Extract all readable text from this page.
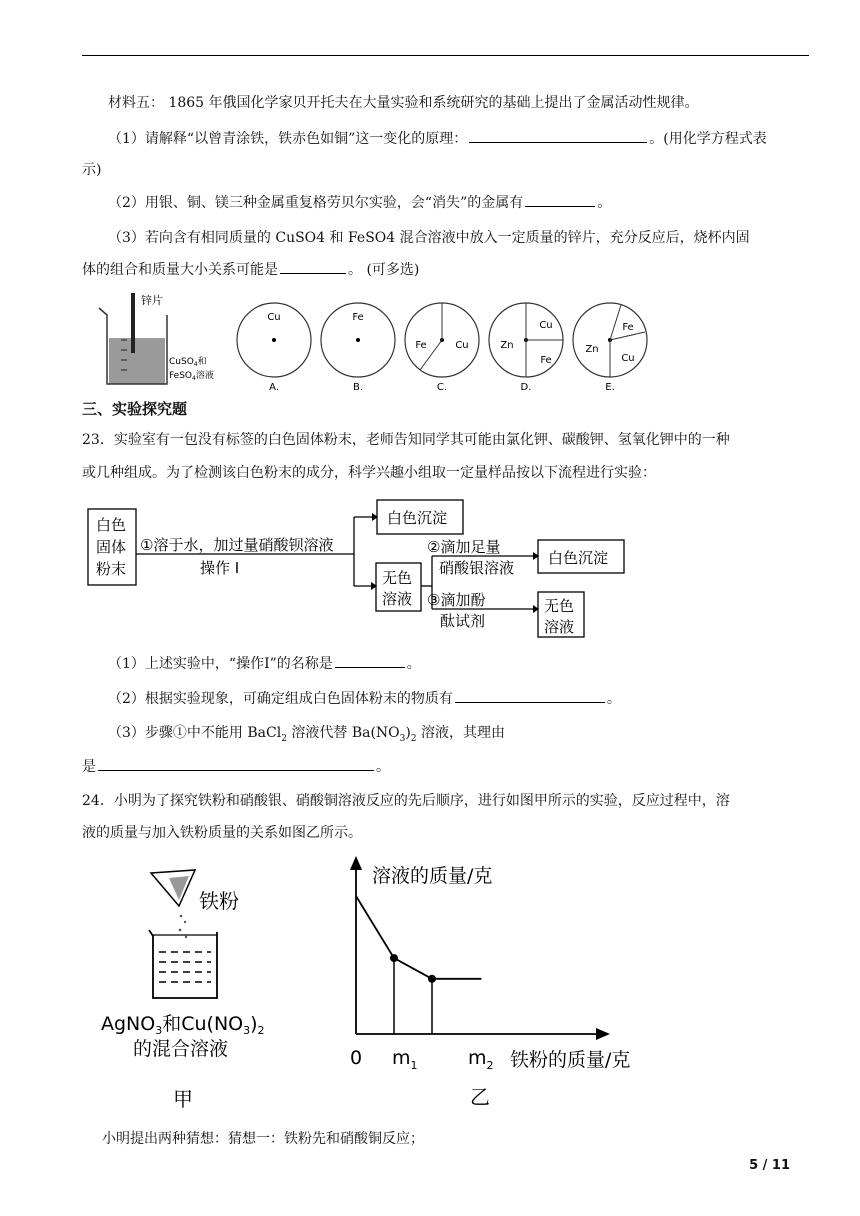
材料五： 1865 年俄国化学家贝开托夫在大量实验和系统研究的基础上提出了金属活动性规律。
（1）请解释“以曾青涂铁，铁赤色如铜”这一变化的原理：	。(用化学方程式表
示)
（2）用银、铜、镁三种金属重复格劳贝尔实验，会“消失”的金属有	。
（3）若向含有相同质量的 CuSO4 和 FeSO4 混合溶液中放入一定质量的锌片，充分反应后，烧杯内固
体的组合和质量大小关系可能是	。 (可多选)
锌片
CuSO$_4$和
FeSO$_4$溶液
Cu
A.
Fe
B.
Fe	Cu
C.
Zn
Cu
Fe
D.
Zn
Fe
Cu
E.
三、实验探究题
23．实验室有一包没有标签的白色固体粉末，老师告知同学其可能由氯化钾、碳酸钾、氢氧化钾中的一种
或几种组成。为了检测该白色粉末的成分，科学兴趣小组取一定量样品按以下流程进行实验：
白色
固体
粉末
①溶于水，加过量硝酸钡溶液
操作 I
白色沉淀
无色
溶液
②滴加足量
硝酸银溶液
白色沉淀
③滴加酚
酞试剂
无色
溶液
（1）上述实验中，“操作Ⅰ”的名称是	。
（2）根据实验现象，可确定组成白色固体粉末的物质有	。
（3）步骤①中不能用 BaCl$_2$ 溶液代替 $Ba(NO_3)_2$ 溶液，其理由
是	。
24．小明为了探究铁粉和硝酸银、硝酸铜溶液反应的先后顺序，进行如图甲所示的实验，反应过程中，溶
液的质量与加入铁粉质量的关系如图乙所示。
铁粉
AgNO$_3$和$Cu(NO_3)_2$
的混合溶液
甲
溶液的质量/克
0 $m_1$	$m_2$ 铁粉的质量/克
乙
小明提出两种猜想：猜想一：铁粉先和硝酸铜反应；
5 / 11
